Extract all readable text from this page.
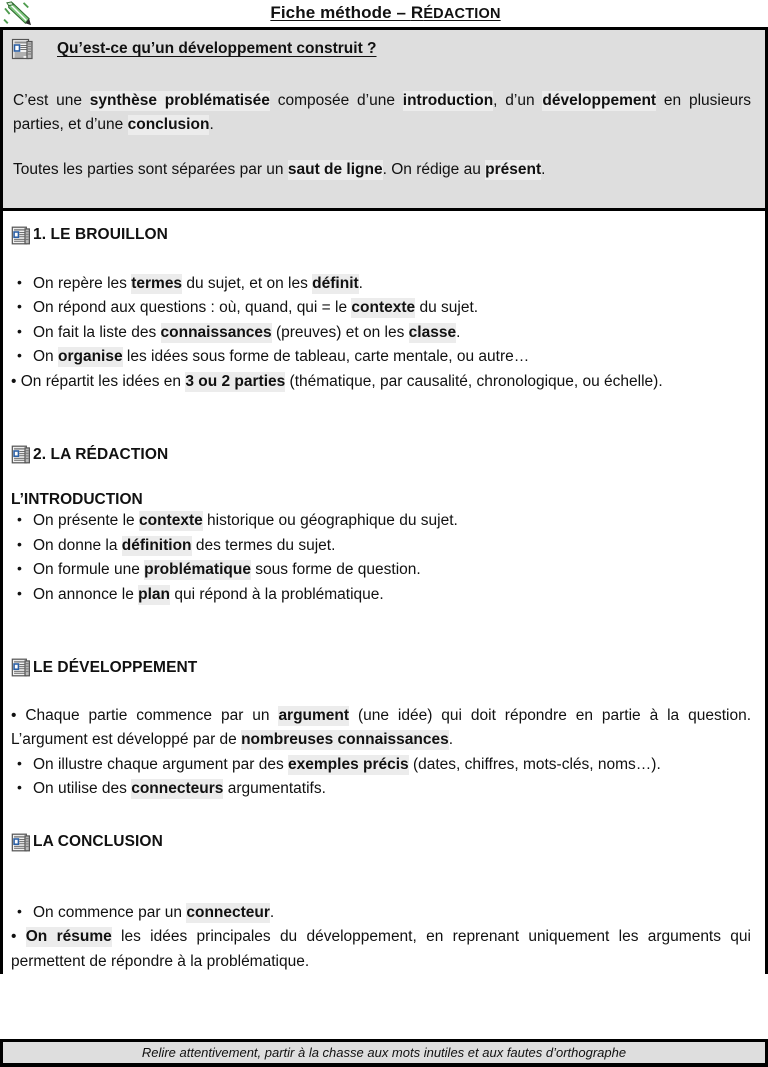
Fiche méthode – RÉDACTION
Qu’est-ce qu’un développement construit ?

C’est une synthèse problématisée composée d’une introduction, d’un développement en plusieurs parties, et d’une conclusion.

Toutes les parties sont séparées par un saut de ligne. On rédige au présent.

1. LE BROUILLON
• On repère les termes du sujet, et on les définit.
• On répond aux questions : où, quand, qui = le contexte du sujet.
• On fait la liste des connaissances (preuves) et on les classe.
• On organise les idées sous forme de tableau, carte mentale, ou autre…
• On répartit les idées en 3 ou 2 parties (thématique, par causalité, chronologique, ou échelle).
2. LA RÉDACTION

L’INTRODUCTION

• On présente le contexte historique ou géographique du sujet.
• On donne la définition des termes du sujet.
• On formule une problématique sous forme de question.
• On annonce le plan qui répond à la problématique.
LE DÉVELOPPEMENT
• Chaque partie commence par un argument (une idée) qui doit répondre en partie à la question. L’argument est développé par de nombreuses connaissances.
• On illustre chaque argument par des exemples précis (dates, chiffres, mots-clés, noms…).
• On utilise des connecteurs argumentatifs.
LA CONCLUSION
• On commence par un connecteur.
• On résume les idées principales du développement, en reprenant uniquement les arguments qui permettent de répondre à la problématique.
Relire attentivement, partir à la chasse aux mots inutiles et aux fautes d’orthographe
